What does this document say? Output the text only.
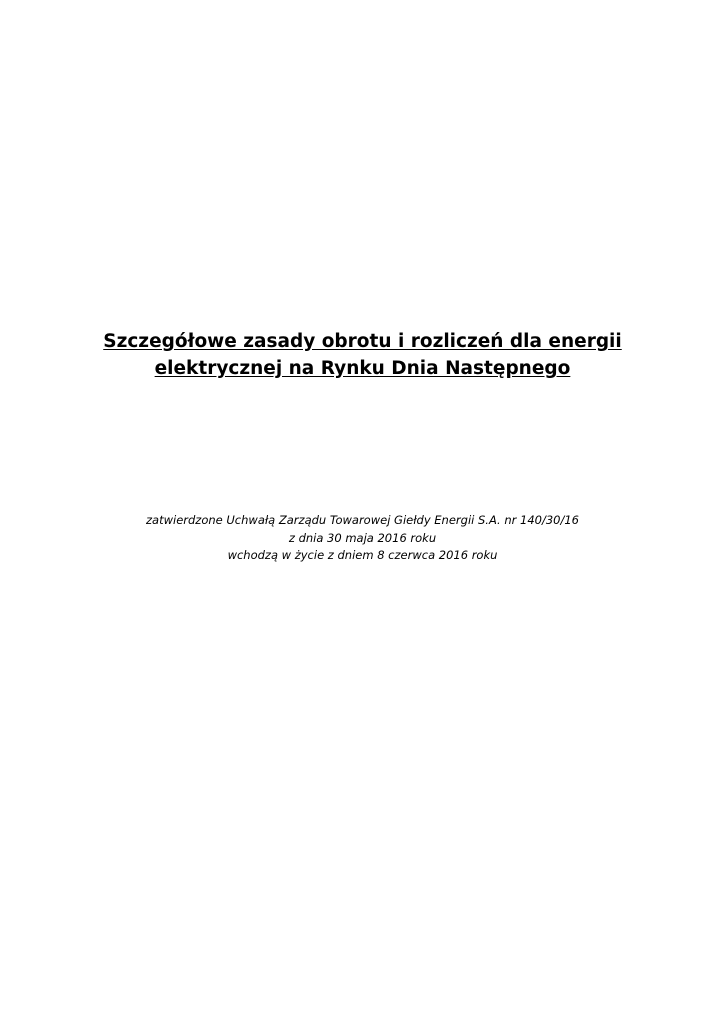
Szczegółowe zasady obrotu i rozliczeń dla energii
elektrycznej na Rynku Dnia Następnego

zatwierdzone Uchwałą Zarządu Towarowej Giełdy Energii S.A. nr 140/30/16
z dnia 30 maja 2016 roku
wchodzą w życie z dniem 8 czerwca 2016 roku
